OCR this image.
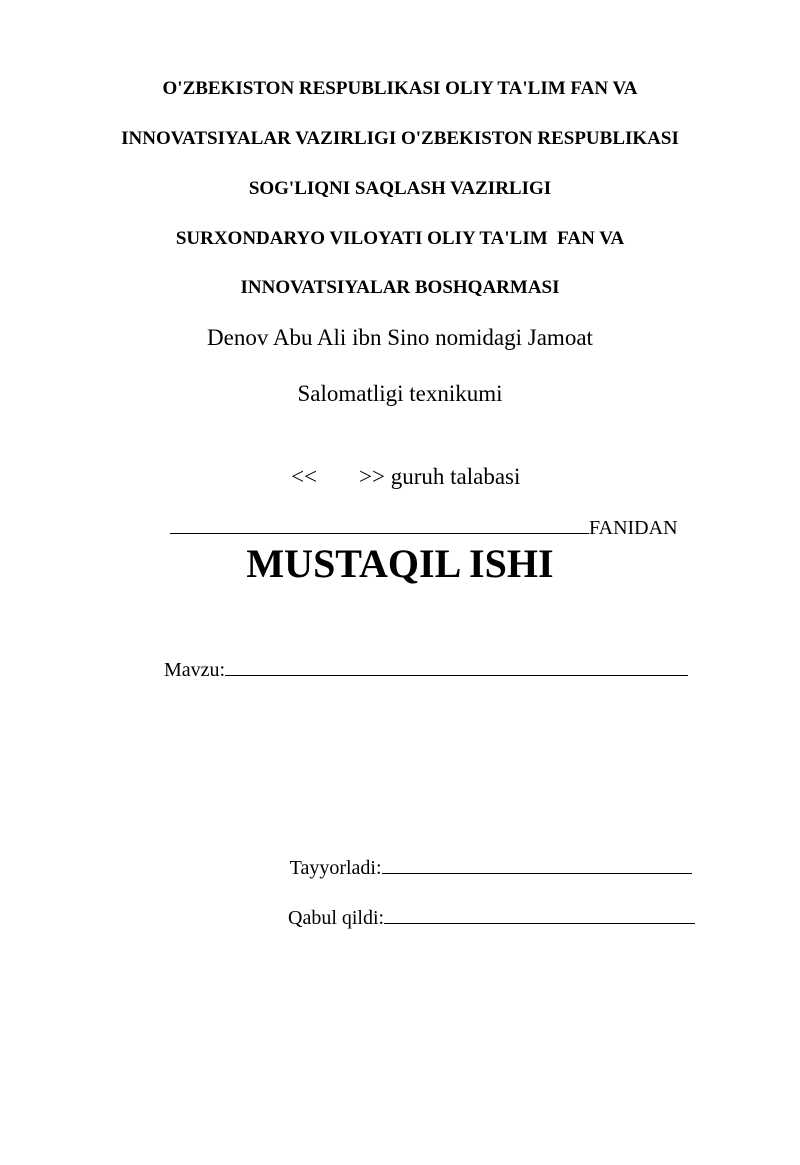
O'ZBEKISTON RESPUBLIKASI OLIY TA'LIM FAN VA
INNOVATSIYALAR VAZIRLIGI O'ZBEKISTON RESPUBLIKASI
SOG'LIQNI SAQLASH VAZIRLIGI
SURXONDARYO VILOYATI OLIY TA'LIM  FAN VA
INNOVATSIYALAR BOSHQARMASI
Denov Abu Ali ibn Sino nomidagi Jamoat
Salomatligi texnikumi

<< >> guruh talabasi

FANIDAN

MUSTAQIL ISHI

Mavzu:

Tayyorladi:

Qabul qildi:
